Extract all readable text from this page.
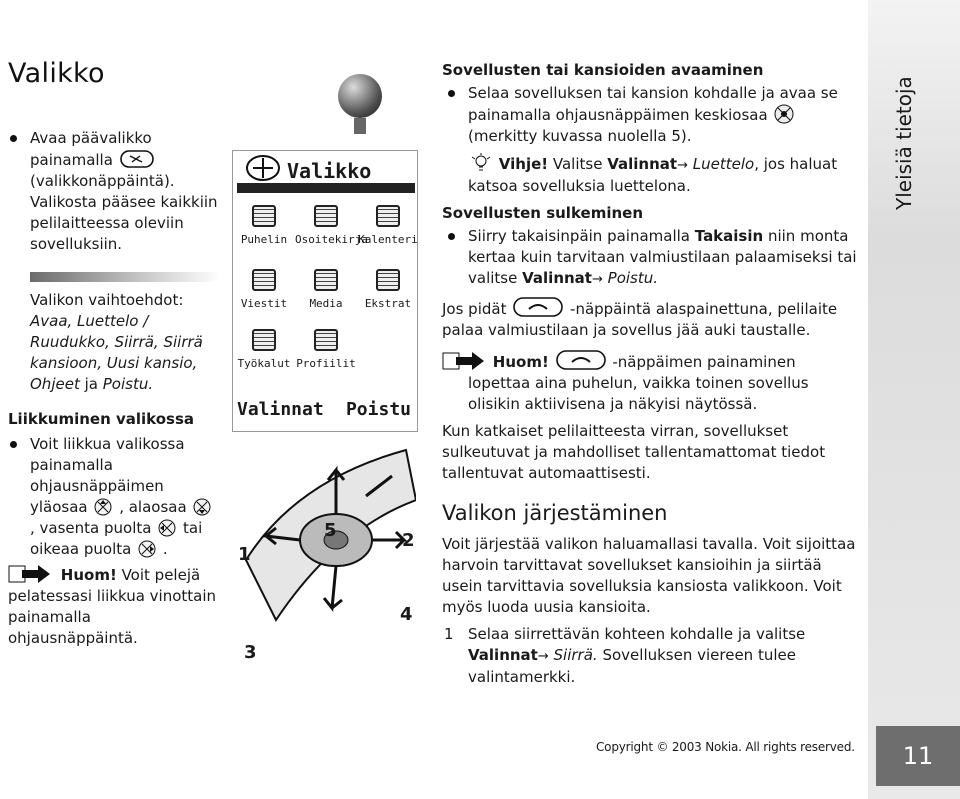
Valikko
Avaa päävalikko painamalla  (valikkonäppäintä). Valikosta pääsee kaikkiin pelilaitteessa oleviin sovelluksiin.
Valikon vaihtoehdot:
Avaa, Luettelo / Ruudukko, Siirrä, Siirrä kansioon, Uusi kansio, Ohjeet ja Poistu.
Liikkuminen valikossa
Voit liikkua valikossa painamalla ohjausnäppäimen yläosaa , alaosaa  , vasenta puolta tai oikeaa puolta .
Huom! Voit pelejä pelatessasi liikkua vinottain painamalla ohjausnäppäintä.
Valikko
Puhelin Osoitekirja
Kalenteri
Viestit	Media	Ekstrat
Työkalut Profiilit
Valinnat Poistu
1
5	2
3
4
Sovellusten tai kansioiden avaaminen
Selaa sovelluksen tai kansion kohdalle ja avaa se painamalla ohjausnäppäimen keskiosaa  (merkitty kuvassa nuolella 5).
Vihje! Valitse Valinnat→ Luettelo, jos haluat katsoa sovelluksia luettelona.
Sovellusten sulkeminen
Siirry takaisinpäin painamalla Takaisin niin monta kertaa kuin tarvitaan valmiustilaan palaamiseksi tai valitse Valinnat→ Poistu.
Jos pidät	-näppäintä alaspainettuna, pelilaite palaa valmiustilaan ja sovellus jää auki taustalle.
Huom!	-näppäimen painaminen lopettaa aina puhelun, vaikka toinen sovellus olisikin aktiivisena ja näkyisi näytössä.
Kun katkaiset pelilaitteesta virran, sovellukset sulkeutuvat ja mahdolliset tallentamattomat tiedot tallentuvat automaattisesti.
Valikon järjestäminen
Voit järjestää valikon haluamallasi tavalla. Voit sijoittaa harvoin tarvittavat sovellukset kansioihin ja siirtää usein tarvittavia sovelluksia kansiosta valikkoon. Voit myös luoda uusia kansioita.
1 Selaa siirrettävän kohteen kohdalle ja valitse Valinnat→ Siirrä. Sovelluksen viereen tulee valintamerkki.
Copyright © 2003 Nokia. All rights reserved.
Yleisiä tietoja
11
